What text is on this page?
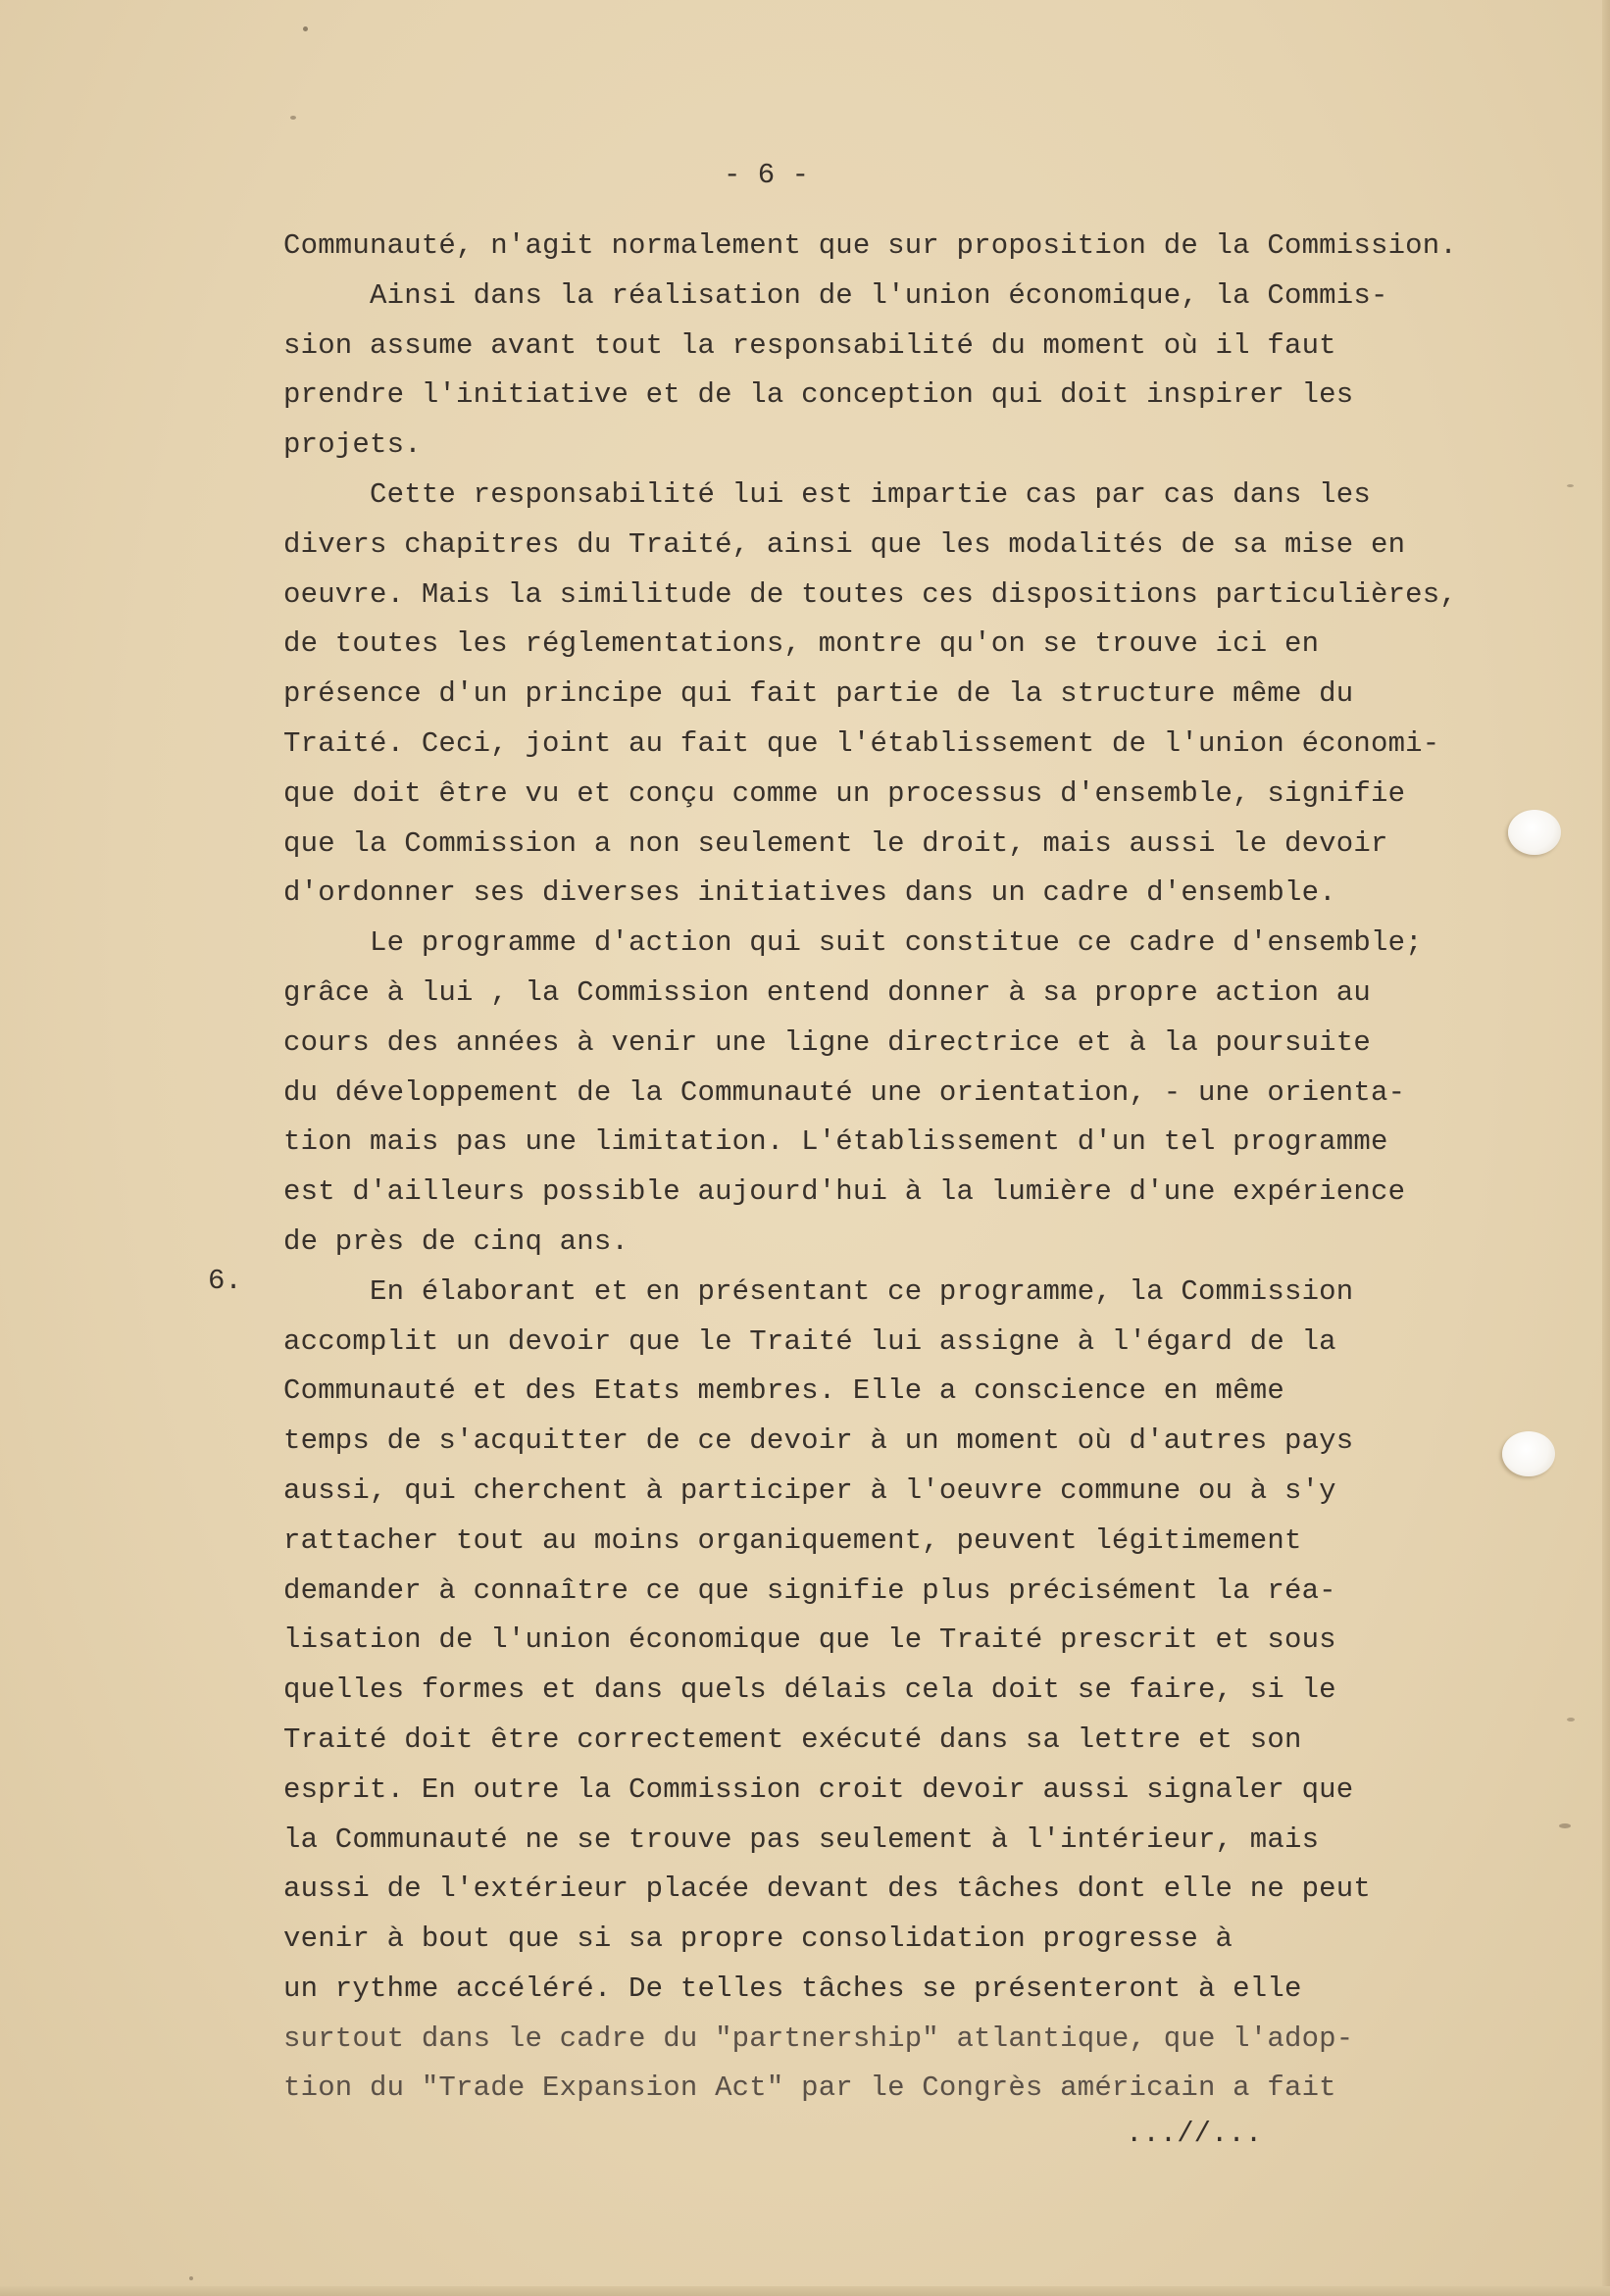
- 6 -
6.
Communauté, n'agit normalement que sur proposition de la Commission.
Ainsi dans la réalisation de l'union économique, la Commis-
sion assume avant tout la responsabilité du moment où il faut
prendre l'initiative et de la conception qui doit inspirer les
projets.
Cette responsabilité lui est impartie cas par cas dans les
divers chapitres du Traité, ainsi que les modalités de sa mise en
oeuvre. Mais la similitude de toutes ces dispositions particulières,
de toutes les réglementations, montre qu'on se trouve ici en
présence d'un principe qui fait partie de la structure même du
Traité. Ceci, joint au fait que l'établissement de l'union économi-
que doit être vu et conçu comme un processus d'ensemble, signifie
que la Commission a non seulement le droit, mais aussi le devoir
d'ordonner ses diverses initiatives dans un cadre d'ensemble.
Le programme d'action qui suit constitue ce cadre d'ensemble;
grâce à lui , la Commission entend donner à sa propre action au
cours des années à venir une ligne directrice et à la poursuite
du développement de la Communauté une orientation, - une orienta-
tion mais pas une limitation. L'établissement d'un tel programme
est d'ailleurs possible aujourd'hui à la lumière d'une expérience
de près de cinq ans.
En élaborant et en présentant ce programme, la Commission
accomplit un devoir que le Traité lui assigne à l'égard de la
Communauté et des Etats membres. Elle a conscience en même
temps de s'acquitter de ce devoir à un moment où d'autres pays
aussi, qui cherchent à participer à l'oeuvre commune ou à s'y
rattacher tout au moins organiquement, peuvent légitimement
demander à connaître ce que signifie plus précisément la réa-
lisation de l'union économique que le Traité prescrit et sous
quelles formes et dans quels délais cela doit se faire, si le
Traité doit être correctement exécuté dans sa lettre et son
esprit. En outre la Commission croit devoir aussi signaler que
la Communauté ne se trouve pas seulement à l'intérieur, mais
aussi de l'extérieur placée devant des tâches dont elle ne peut
venir à bout que si sa propre consolidation progresse à
un rythme accéléré. De telles tâches se présenteront à elle
surtout dans le cadre du "partnership" atlantique, que l'adop-
tion du "Trade Expansion Act" par le Congrès américain a fait
...//...
